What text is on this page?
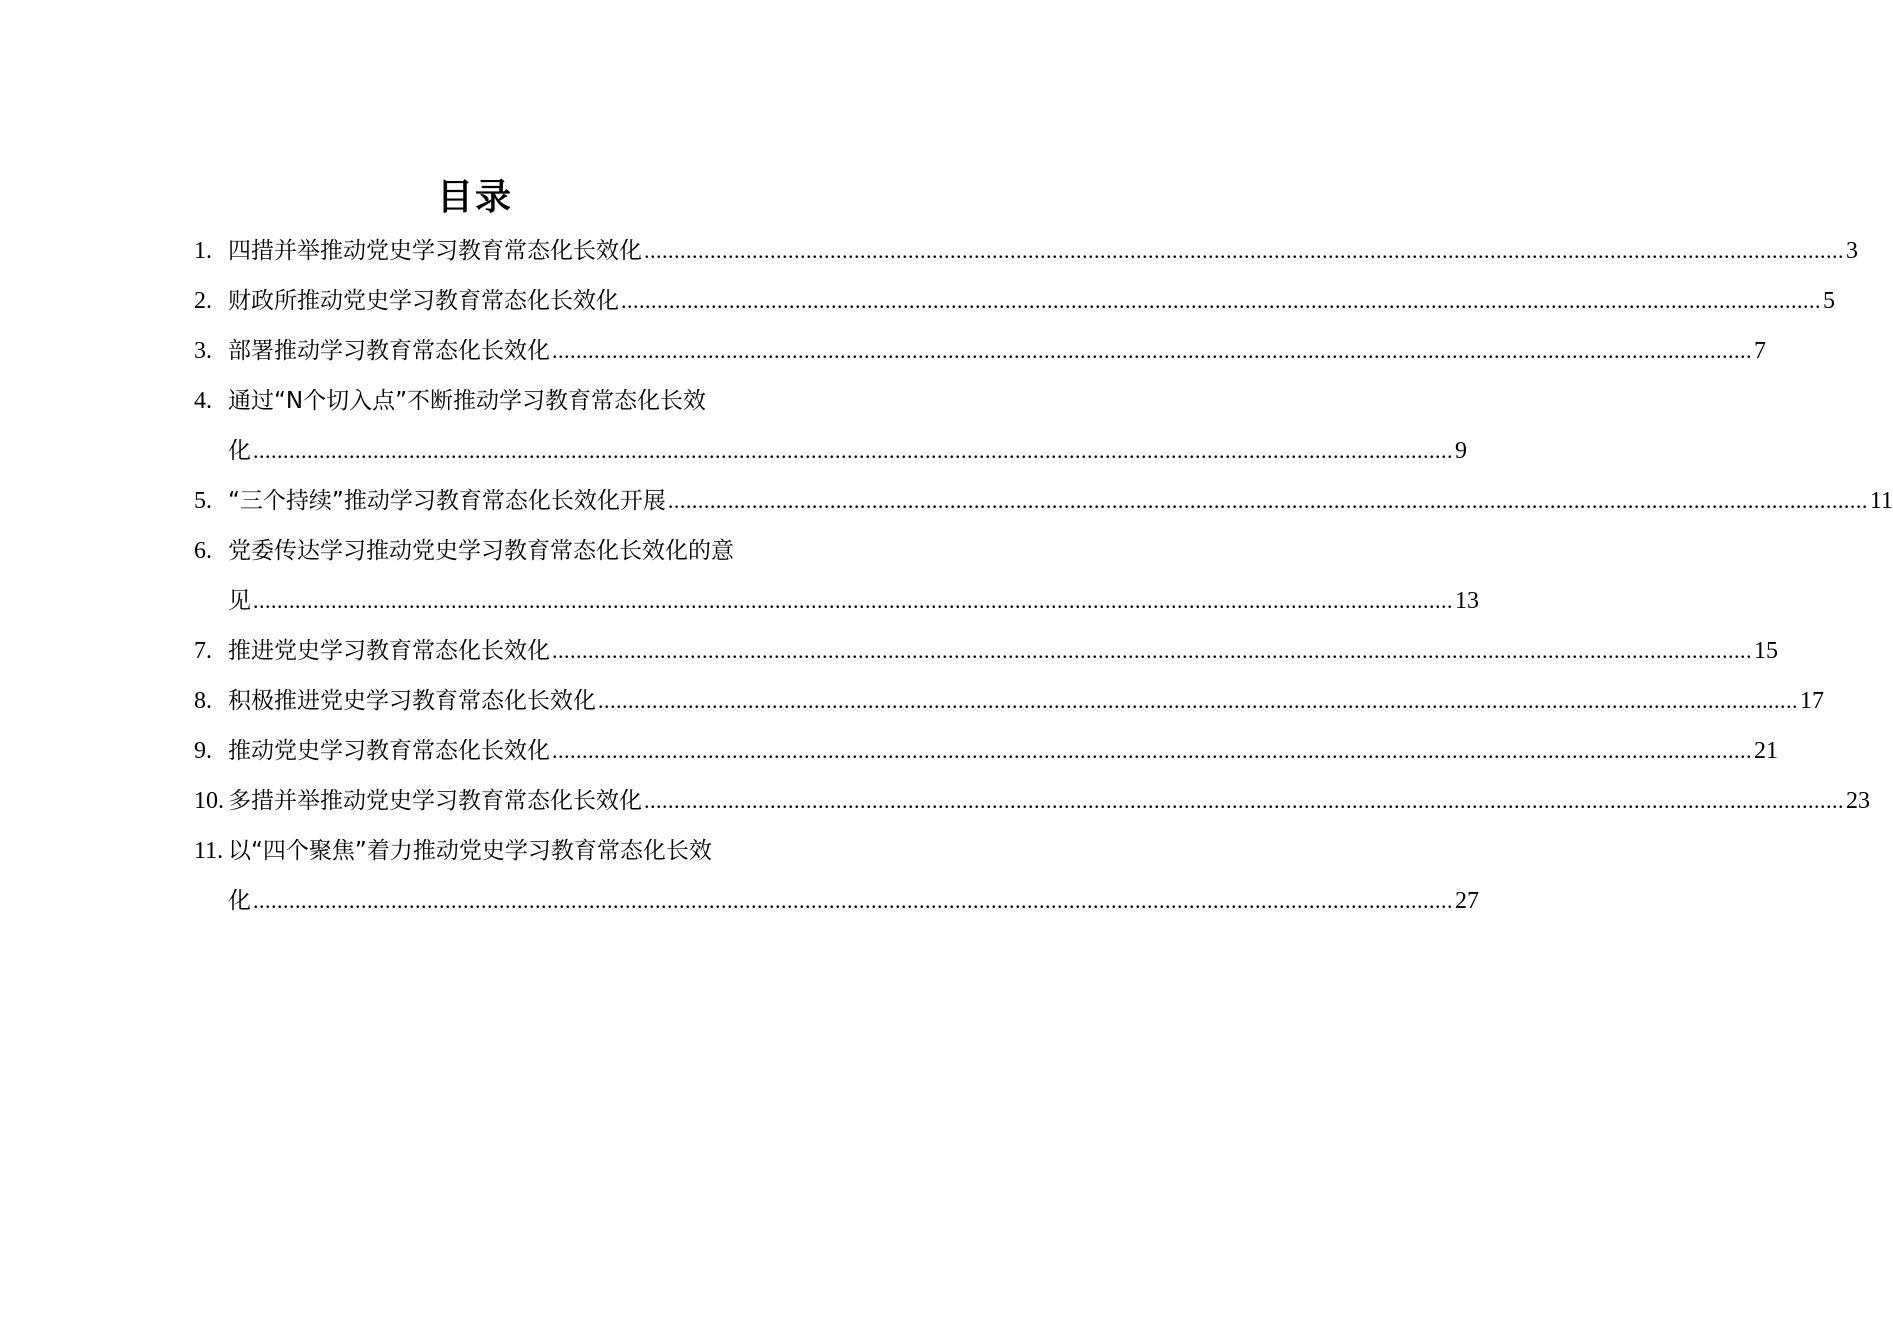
目录
1. 四措并举推动党史学习教育常态化长效化 ........................................................................................................................................................................................................ 3
2. 财政所推动党史学习教育常态化长效化 ........................................................................................................................................................................................................ 5
3. 部署推动学习教育常态化长效化 ........................................................................................................................................................................................................ 7
4. 通过“N个切入点”不断推动学习教育常态化长效
化 ........................................................................................................................................................................................................ 9
5. “三个持续”推动学习教育常态化长效化开展 ........................................................................................................................................................................................................ 11
6. 党委传达学习推动党史学习教育常态化长效化的意
见 ........................................................................................................................................................................................................ 13
7. 推进党史学习教育常态化长效化 ........................................................................................................................................................................................................ 15
8. 积极推进党史学习教育常态化长效化 ........................................................................................................................................................................................................ 17
9. 推动党史学习教育常态化长效化 ........................................................................................................................................................................................................ 21
10. 多措并举推动党史学习教育常态化长效化 ........................................................................................................................................................................................................ 23
11. 以“四个聚焦”着力推动党史学习教育常态化长效
化 ........................................................................................................................................................................................................ 27
